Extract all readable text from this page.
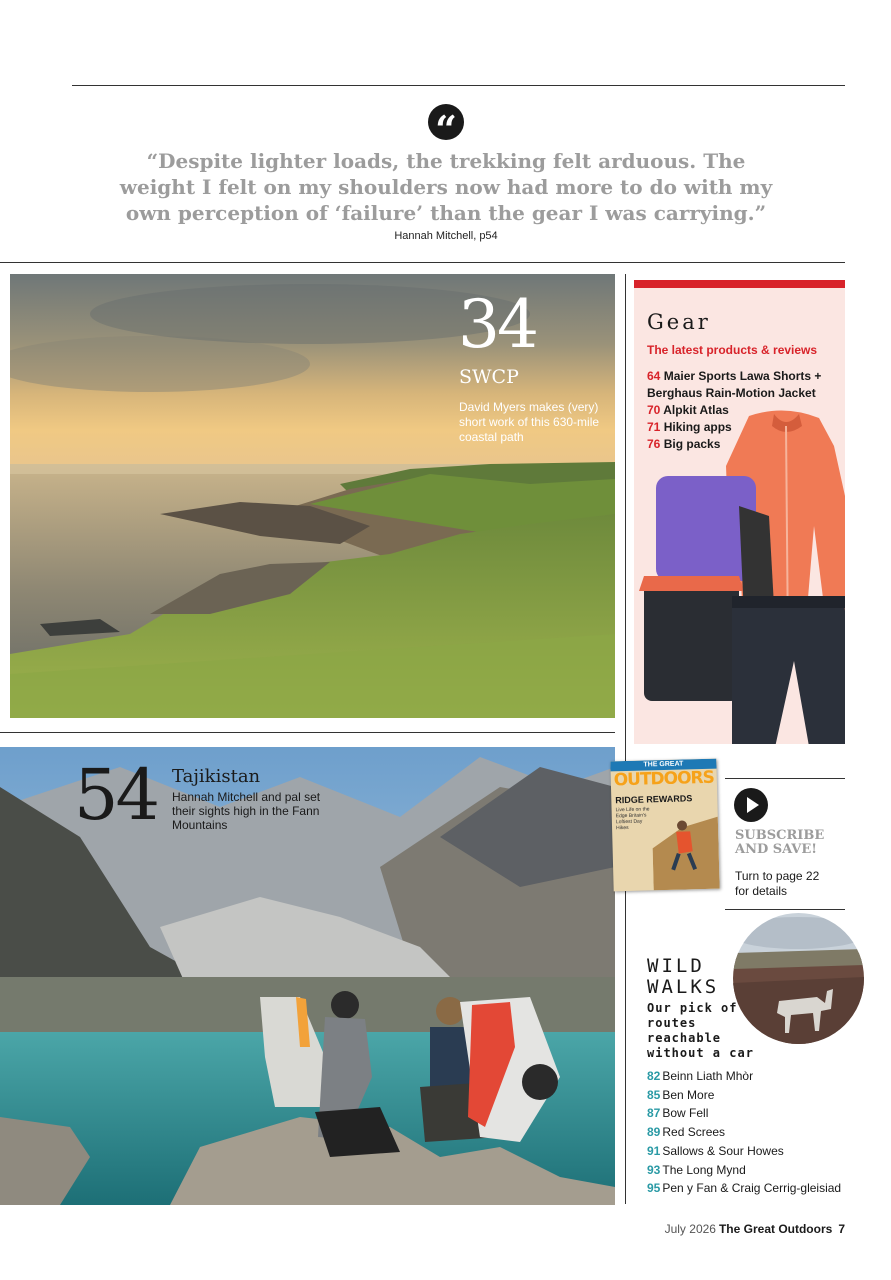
“
“Despite lighter loads, the trekking felt arduous. The weight I felt on my shoulders now had more to do with my own perception of ‘failure’ than the gear I was carrying.”
Hannah Mitchell, p54
34
SWCP
David Myers makes (very) short work of this 630-mile coastal path
54 Tajikistan
Hannah Mitchell and pal set their sights high in the Fann Mountains
Gear
The latest products & reviews
64 Maier Sports Lawa Shorts + Berghaus Rain-Motion Jacket
70 Alpkit Atlas
71 Hiking apps
76 Big packs
THE GREAT
OUTDOORS
RIDGE REWARDS
Live Life on the Edge Britain's Loftiest Day Hikes	SUBSCRIBE AND SAVE!
Turn to page 22 for details
WILD
WALKS
Our pick of routes reachable without a car
82 Beinn Liath Mhòr
85 Ben More
87 Bow Fell
89 Red Screes
91 Sallows & Sour Howes
93 The Long Mynd
95 Pen y Fan & Craig Cerrig-gleisiad
July 2026 The Great Outdoors 7
